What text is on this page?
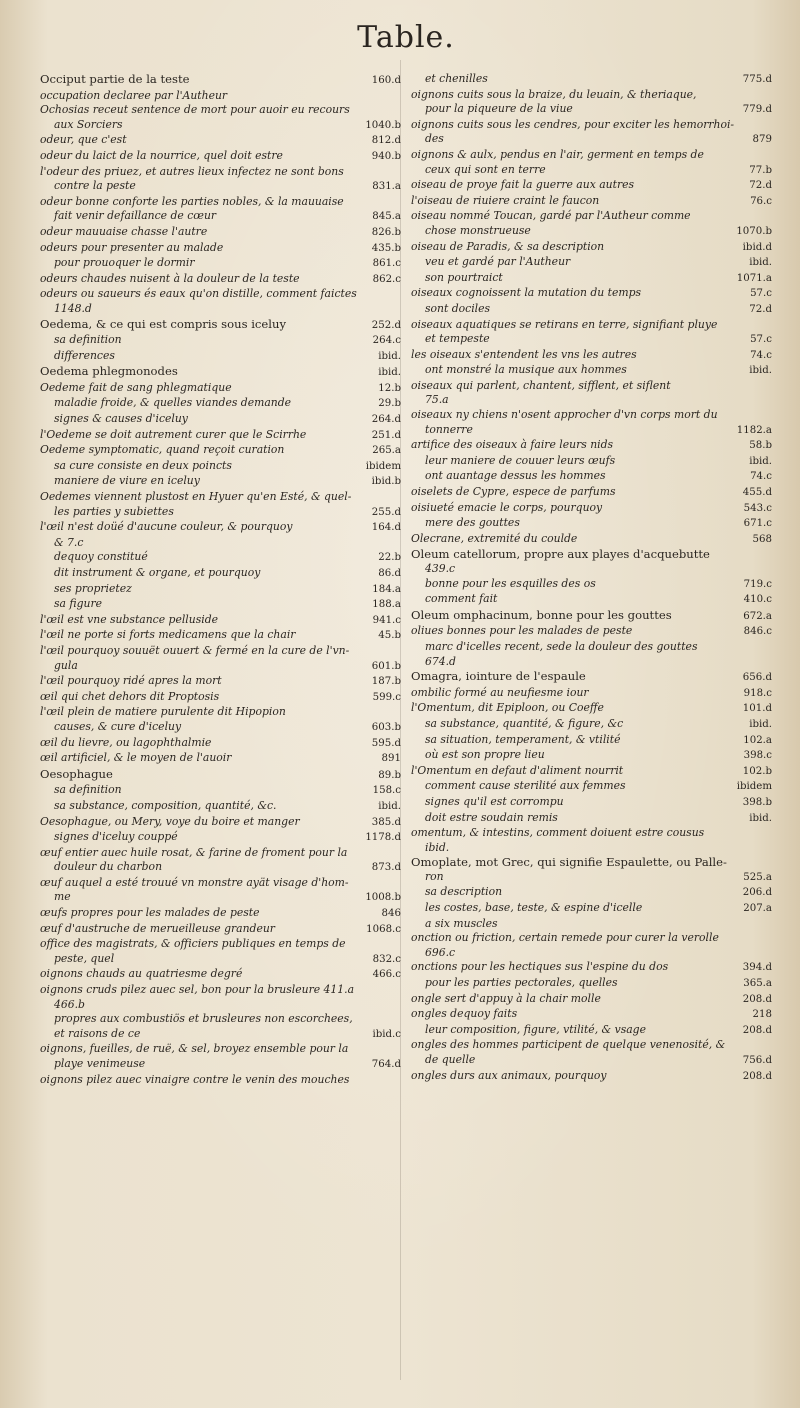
Table.
Occiput partie de la teste	160.d
occupation declaree par l'Autheur
Ochosias receut sentence de mort pour auoir eu recours
aux Sorciers	1040.b
odeur, que c'est	812.d
odeur du laict de la nourrice, quel doit estre	940.b
l'odeur des priuez, et autres lieux infectez ne sont bons
contre la peste	831.a
odeur bonne conforte les parties nobles, & la mauuaise
fait venir defaillance de cœur	845.a
odeur mauuaise chasse l'autre	826.b
odeurs pour presenter au malade	435.b
pour prouoquer le dormir	861.c
odeurs chaudes nuisent à la douleur de la teste	862.c
odeurs ou saueurs és eaux qu'on distille, comment faictes
1148.d
Oedema, & ce qui est compris sous iceluy	252.d
sa definition	264.c
differences	ibid.
Oedema phlegmonodes	ibid.
Oedeme fait de sang phlegmatique	12.b
maladie froide, & quelles viandes demande	29.b
signes & causes d'iceluy	264.d
l'Oedeme se doit autrement curer que le Scirrhe	251.d
Oedeme symptomatic, quand reçoit curation	265.a
sa cure consiste en deux poincts	ibidem
maniere de viure en iceluy	ibid.b
Oedemes viennent plustost en Hyuer qu'en Esté, & quel-
les parties y subiettes	255.d
l'œil n'est doüé d'aucune couleur, & pourquoy	164.d
& 7.c
dequoy constitué	22.b
dit instrument & organe, et pourquoy	86.d
ses proprietez	184.a
sa figure	188.a
l'œil est vne substance pelluside	941.c
l'œil ne porte si forts medicamens que la chair	45.b
l'œil pourquoy souuët ouuert & fermé en la cure de l'vn-
gula	601.b
l'œil pourquoy ridé apres la mort	187.b
œil qui chet dehors dit Proptosis	599.c
l'œil plein de matiere purulente dit Hipopion
causes, & cure d'iceluy	603.b
œil du lievre, ou lagophthalmie	595.d
œil artificiel, & le moyen de l'auoir	891
Oesophague	89.b
sa definition	158.c
sa substance, composition, quantité, &c.	ibid.
Oesophague, ou Mery, voye du boire et manger	385.d
signes d'iceluy couppé	1178.d
œuf entier auec huile rosat, & farine de froment pour la
douleur du charbon	873.d
œuf auquel a esté trouué vn monstre ayät visage d'hom-
me	1008.b
œufs propres pour les malades de peste	846
œuf d'austruche de merueilleuse grandeur	1068.c
office des magistrats, & officiers publiques en temps de
peste, quel	832.c
oignons chauds au quatriesme degré	466.c
oignons cruds pilez auec sel, bon pour la brusleure 411.a
466.b
propres aux combustiös et brusleures non escorchees,
et raisons de ce	ibid.c
oignons, fueilles, de ruë, & sel, broyez ensemble pour la
playe venimeuse	764.d
oignons pilez auec vinaigre contre le venin des mouches
et chenilles	775.d
oignons cuits sous la braize, du leuain, & theriaque,
pour la piqueure de la viue	779.d
oignons cuits sous les cendres, pour exciter les hemorrhoi-
des	879
oignons & aulx, pendus en l'air, germent en temps de
ceux qui sont en terre	77.b
oiseau de proye fait la guerre aux autres	72.d
l'oiseau de riuiere craint le faucon	76.c
oiseau nommé Toucan, gardé par l'Autheur comme
chose monstrueuse	1070.b
oiseau de Paradis, & sa description	ibid.d
veu et gardé par l'Autheur	ibid.
son pourtraict	1071.a
oiseaux cognoissent la mutation du temps	57.c
sont dociles	72.d
oiseaux aquatiques se retirans en terre, signifiant pluye
et tempeste	57.c
les oiseaux s'entendent les vns les autres	74.c
ont monstré la musique aux hommes	ibid.
oiseaux qui parlent, chantent, sifflent, et siflent
75.a
oiseaux ny chiens n'osent approcher d'vn corps mort du
tonnerre	1182.a
artifice des oiseaux à faire leurs nids	58.b
leur maniere de couuer leurs œufs	ibid.
ont auantage dessus les hommes	74.c
oiselets de Cypre, espece de parfums	455.d
oisiueté emacie le corps, pourquoy	543.c
mere des gouttes	671.c
Olecrane, extremité du coulde	568
Oleum catellorum, propre aux playes d'acquebutte
439.c
bonne pour les esquilles des os	719.c
comment fait	410.c
Oleum omphacinum, bonne pour les gouttes	672.a
oliues bonnes pour les malades de peste	846.c
marc d'icelles recent, sede la douleur des gouttes
674.d
Omagra, iointure de l'espaule	656.d
ombilic formé au neufiesme iour	918.c
l'Omentum, dit Epiploon, ou Coeffe	101.d
sa substance, quantité, & figure, &c	ibid.
sa situation, temperament, & vtilité	102.a
où est son propre lieu	398.c
l'Omentum en defaut d'aliment nourrit	102.b
comment cause sterilité aux femmes	ibidem
signes qu'il est corrompu	398.b
doit estre soudain remis	ibid.
omentum, & intestins, comment doiuent estre cousus
ibid.
Omoplate, mot Grec, qui signifie Espaulette, ou Palle-
ron	525.a
sa description	206.d
les costes, base, teste, & espine d'icelle	207.a
a six muscles
onction ou friction, certain remede pour curer la verolle
696.c
onctions pour les hectiques sus l'espine du dos	394.d
pour les parties pectorales, quelles	365.a
ongle sert d'appuy à la chair molle	208.d
ongles dequoy faits	218
leur composition, figure, vtilité, & vsage	208.d
ongles des hommes participent de quelque venenosité, &
de quelle	756.d
ongles durs aux animaux, pourquoy	208.d
